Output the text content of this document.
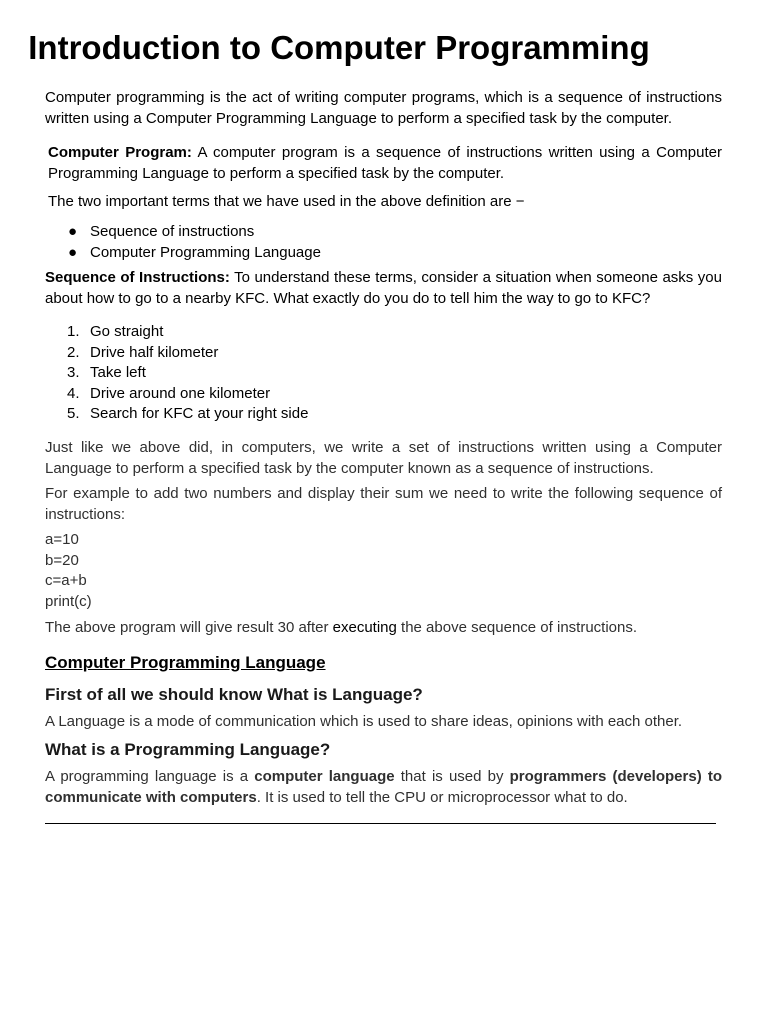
Introduction to Computer Programming

Computer programming is the act of writing computer programs, which is a sequence of instructions written using a Computer Programming Language to perform a specified task by the computer.

Computer Program: A computer program is a sequence of instructions written using a Computer Programming Language to perform a specified task by the computer.

The two important terms that we have used in the above definition are −

● Sequence of instructions
● Computer Programming Language

Sequence of Instructions: To understand these terms, consider a situation when someone asks you about how to go to a nearby KFC. What exactly do you do to tell him the way to go to KFC?

1. Go straight
2. Drive half kilometer
3. Take left
4. Drive around one kilometer
5. Search for KFC at your right side

Just like we above did, in computers, we write a set of instructions written using a Computer Language to perform a specified task by the computer known as a sequence of instructions.

For example to add two numbers and display their sum we need to write the following sequence of instructions:

a=10
b=20
c=a+b
print(c)

The above program will give result 30 after executing the above sequence of instructions.

Computer Programming Language
First of all we should know What is Language?

A Language is a mode of communication which is used to share ideas, opinions with each other.

What is a Programming Language?

A programming language is a computer language that is used by programmers (developers) to communicate with computers. It is used to tell the CPU or microprocessor what to do.
